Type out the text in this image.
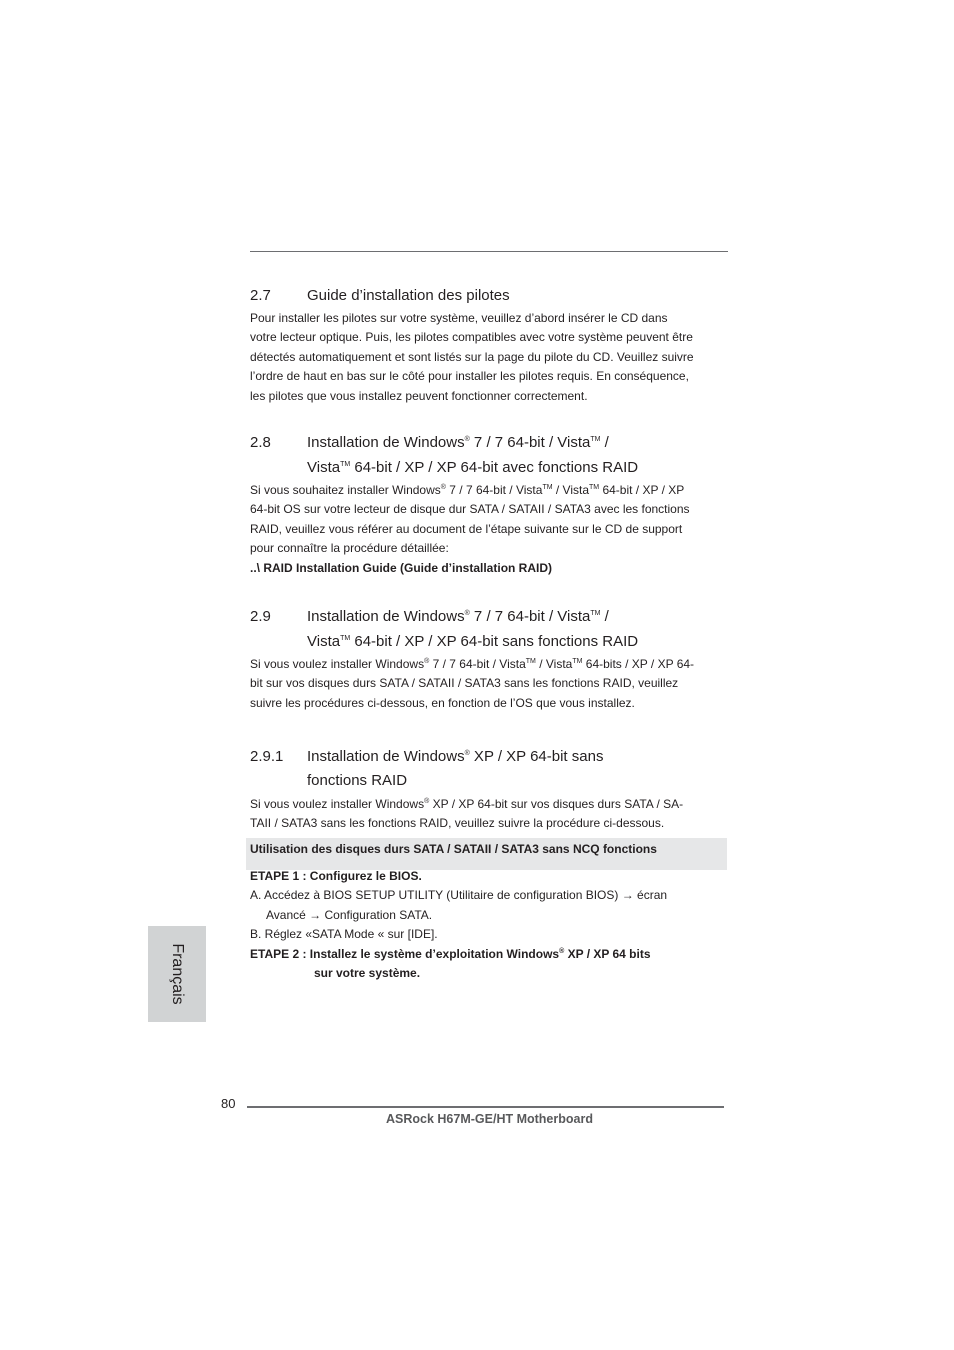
2.7 Guide d’installation des pilotes

Pour installer les pilotes sur votre système, veuillez d’abord insérer le CD dans

votre lecteur optique. Puis, les pilotes compatibles avec votre système peuvent être

détectés automatiquement et sont listés sur la page du pilote du CD. Veuillez suivre

l’ordre de haut en bas sur le côté pour installer les pilotes requis. En conséquence,

les pilotes que vous installez peuvent fonctionner correctement.

2.8 Installation de Windows® 7 / 7 64-bit / Vista™ /
Vista™ 64-bit / XP / XP 64-bit avec fonctions RAID

Si vous souhaitez installer Windows® 7 / 7 64-bit / Vista™ / Vista™ 64-bit / XP / XP

64-bit OS sur votre lecteur de disque dur SATA / SATAII / SATA3 avec les fonctions

RAID, veuillez vous référer au document de l’étape suivante sur le CD de support

pour connaître la procédure détaillée:

..\ RAID Installation Guide (Guide d’installation RAID)

2.9 Installation de Windows® 7 / 7 64-bit / Vista™ /
Vista™ 64-bit / XP / XP 64-bit sans fonctions RAID

Si vous voulez installer Windows® 7 / 7 64-bit / Vista™ / Vista™ 64-bits / XP / XP 64-

bit sur vos disques durs SATA / SATAII / SATA3 sans les fonctions RAID, veuillez

suivre les procédures ci-dessous, en fonction de l’OS que vous installez.

2.9.1 Installation de Windows® XP / XP 64-bit sans
fonctions RAID

Si vous voulez installer Windows® XP / XP 64-bit sur vos disques durs SATA / SA-

TAII / SATA3 sans les fonctions RAID, veuillez suivre la procédure ci-dessous.

Utilisation des disques durs SATA / SATAII / SATA3 sans NCQ fonctions

ETAPE 1 : Configurez le BIOS.

A. Accédez à BIOS SETUP UTILITY (Utilitaire de configuration BIOS) → écran

Avancé → Configuration SATA.

B. Réglez «SATA Mode « sur [IDE].

ETAPE 2 : Installez le système d’exploitation Windows® XP / XP 64 bits

sur votre système.

Français
80
ASRock H67M-GE/HT Motherboard
